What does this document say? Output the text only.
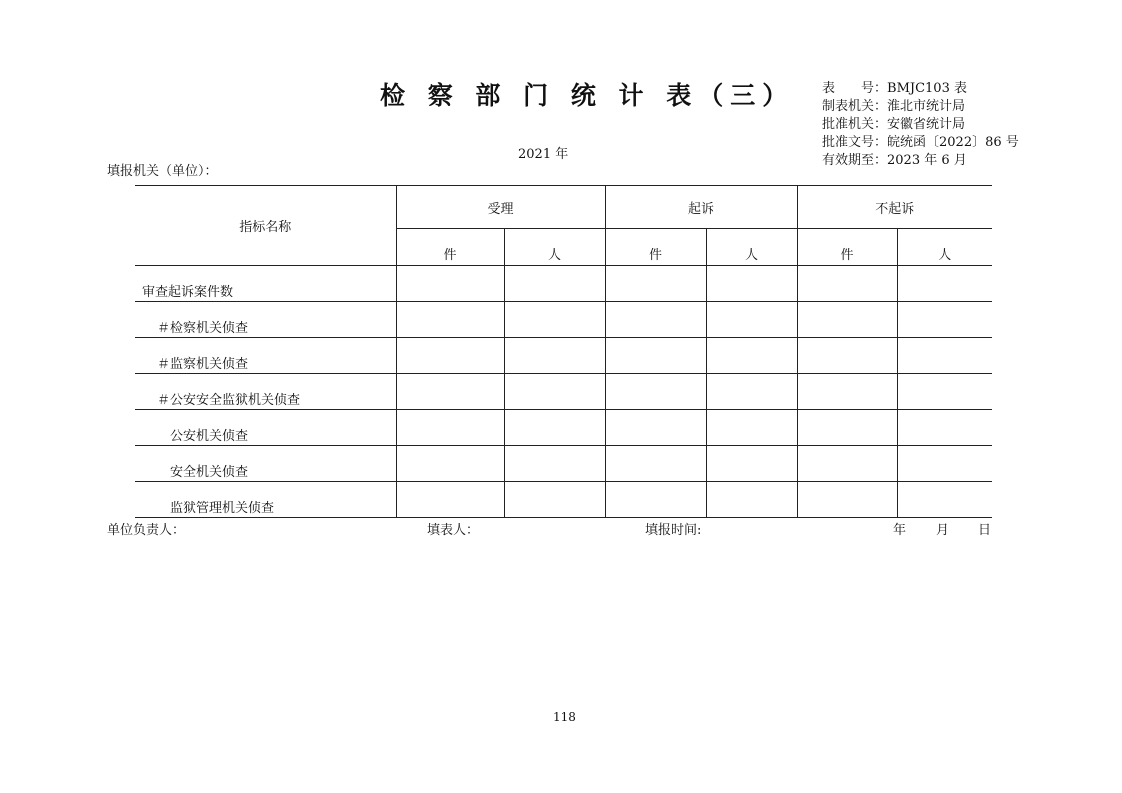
检 察 部 门 统 计 表（三） 表　　号：BMJC103 表
制表机关：淮北市统计局
批准机关：安徽省统计局
批准文号：皖统函〔2022〕86 号
有效期至：2023 年 6 月
2021 年
填报机关（单位）：
指标名称	受理		起诉		不起诉	
	件	人	件	人	件	人
审查起诉案件数						
＃检察机关侦查						
＃监察机关侦查						
＃公安安全监狱机关侦查						
公安机关侦查						
安全机关侦查						
监狱管理机关侦查						
单位负责人：	填表人：	填报时间:	年 月 日
118
